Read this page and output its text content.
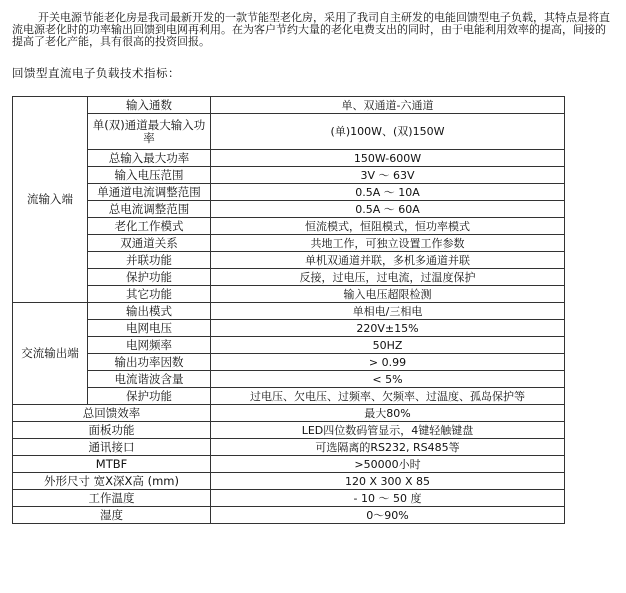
开关电源节能老化房是我司最新开发的一款节能型老化房，采用了我司自主研发的电能回馈型电子负载，其特点是将直流电源老化时的功率输出回馈到电网再利用。在为客户节约大量的老化电费支出的同时，由于电能利用效率的提高，间接的提高了老化产能，具有很高的投资回报。

回馈型直流电子负载技术指标：

流输入端	输入通数	单、双通道-六通道
	单(双)通道最大输入功率	(单)100W、(双)150W
	总输入最大功率	150W-600W
	输入电压范围	3V ～ 63V
	单通道电流调整范围	0.5A ～ 10A
	总电流调整范围	0.5A ～ 60A
	老化工作模式	恒流模式，恒阻模式，恒功率模式
	双通道关系	共地工作，可独立设置工作参数
	并联功能	单机双通道并联，多机多通道并联
	保护功能	反接，过电压，过电流，过温度保护
	其它功能	输入电压超限检测
交流输出端	输出模式	单相电/三相电
	电网电压	220V±15%
	电网频率	50HZ
	输出功率因数	> 0.99
	电流谐波含量	< 5%
	保护功能	过电压、欠电压、过频率、欠频率、过温度、孤岛保护等
总回馈效率		最大80%
面板功能		LED四位数码管显示，4键轻触键盘
通讯接口		可选隔离的RS232, RS485等
MTBF		>50000小时
外形尺寸 宽X深X高 (mm)		120 X 300 X 85
工作温度		- 10 ～ 50 度
湿度		0～90%
